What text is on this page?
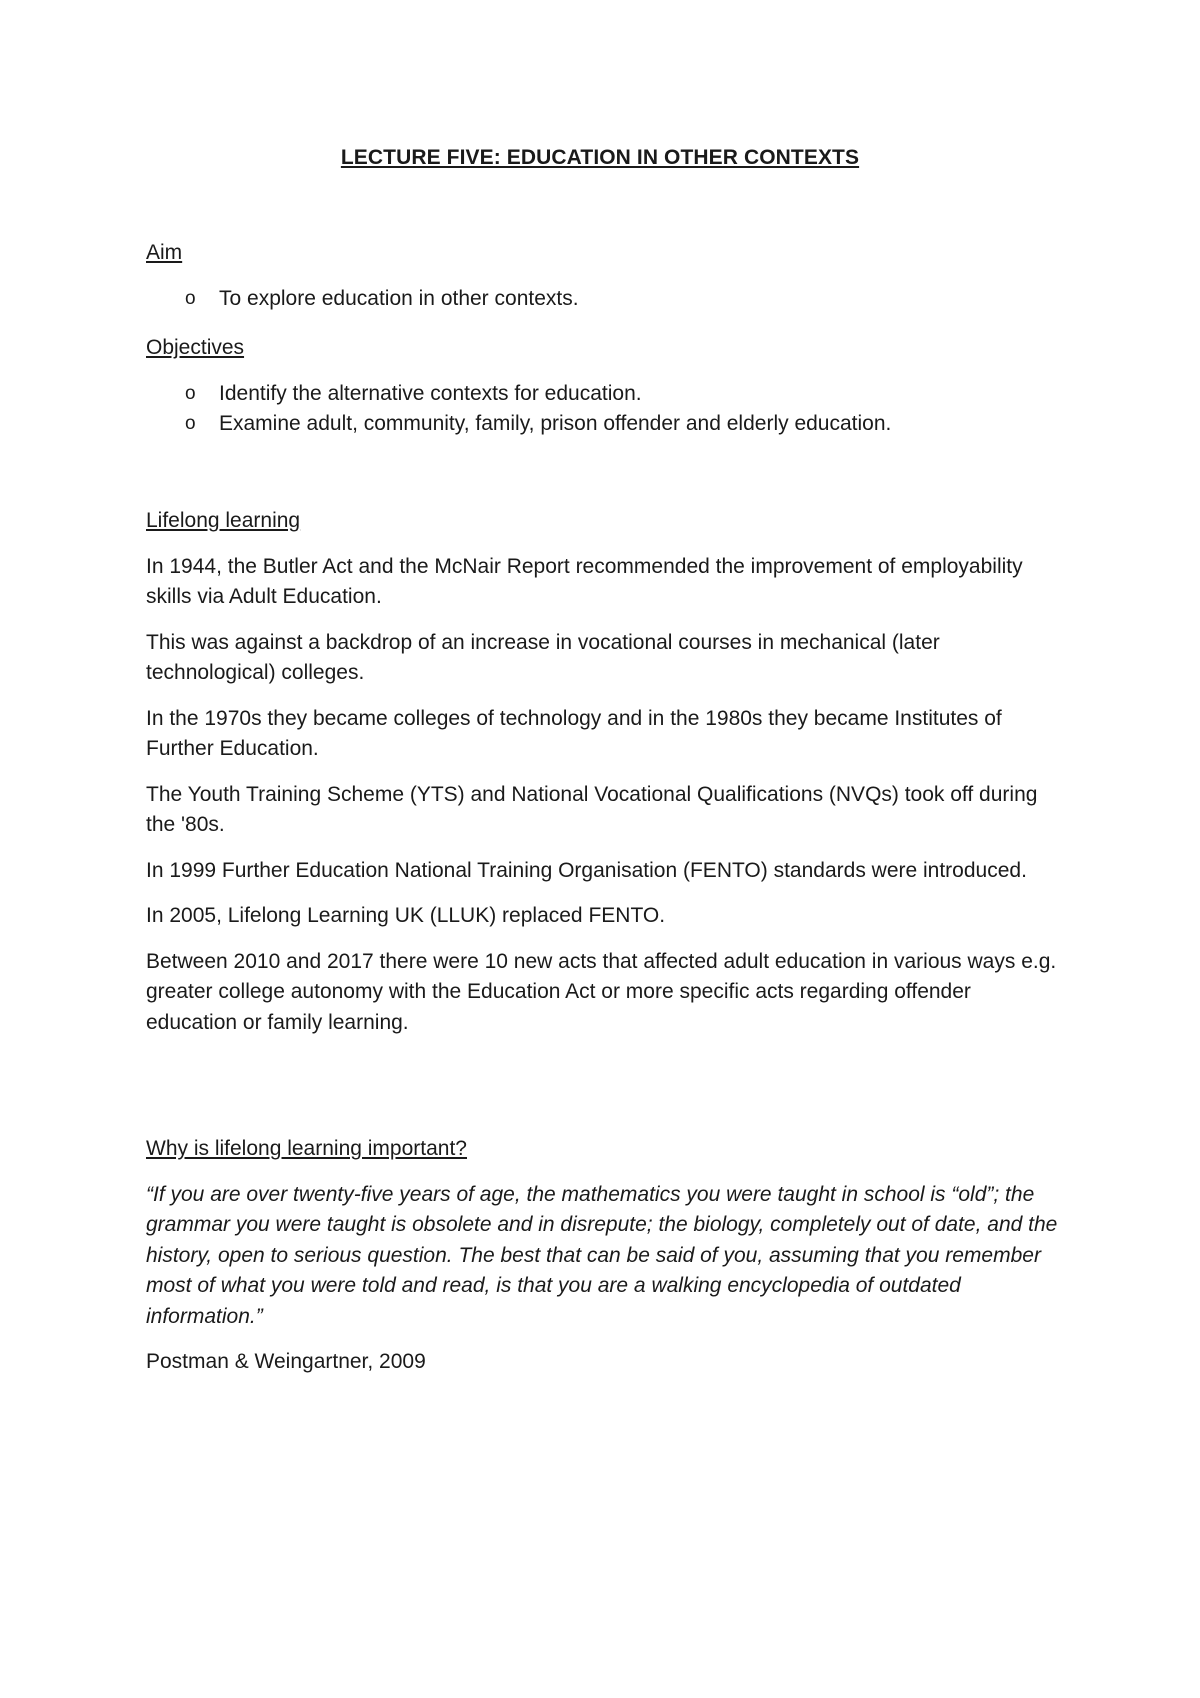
LECTURE FIVE: EDUCATION IN OTHER CONTEXTS

Aim

o To explore education in other contexts.

Objectives

o Identify the alternative contexts for education.
o Examine adult, community, family, prison offender and elderly education.

Lifelong learning

In 1944, the Butler Act and the McNair Report recommended the improvement of employability skills via Adult Education.

This was against a backdrop of an increase in vocational courses in mechanical (later technological) colleges.

In the 1970s they became colleges of technology and in the 1980s they became Institutes of Further Education.

The Youth Training Scheme (YTS) and National Vocational Qualifications (NVQs) took off during the '80s.

In 1999 Further Education National Training Organisation (FENTO) standards were introduced.

In 2005, Lifelong Learning UK (LLUK) replaced FENTO.

Between 2010 and 2017 there were 10 new acts that affected adult education in various ways e.g. greater college autonomy with the Education Act or more specific acts regarding offender education or family learning.

Why is lifelong learning important?

“If you are over twenty-five years of age, the mathematics you were taught in school is “old”; the grammar you were taught is obsolete and in disrepute; the biology, completely out of date, and the history, open to serious question. The best that can be said of you, assuming that you remember most of what you were told and read, is that you are a walking encyclopedia of outdated information.”

Postman & Weingartner, 2009
